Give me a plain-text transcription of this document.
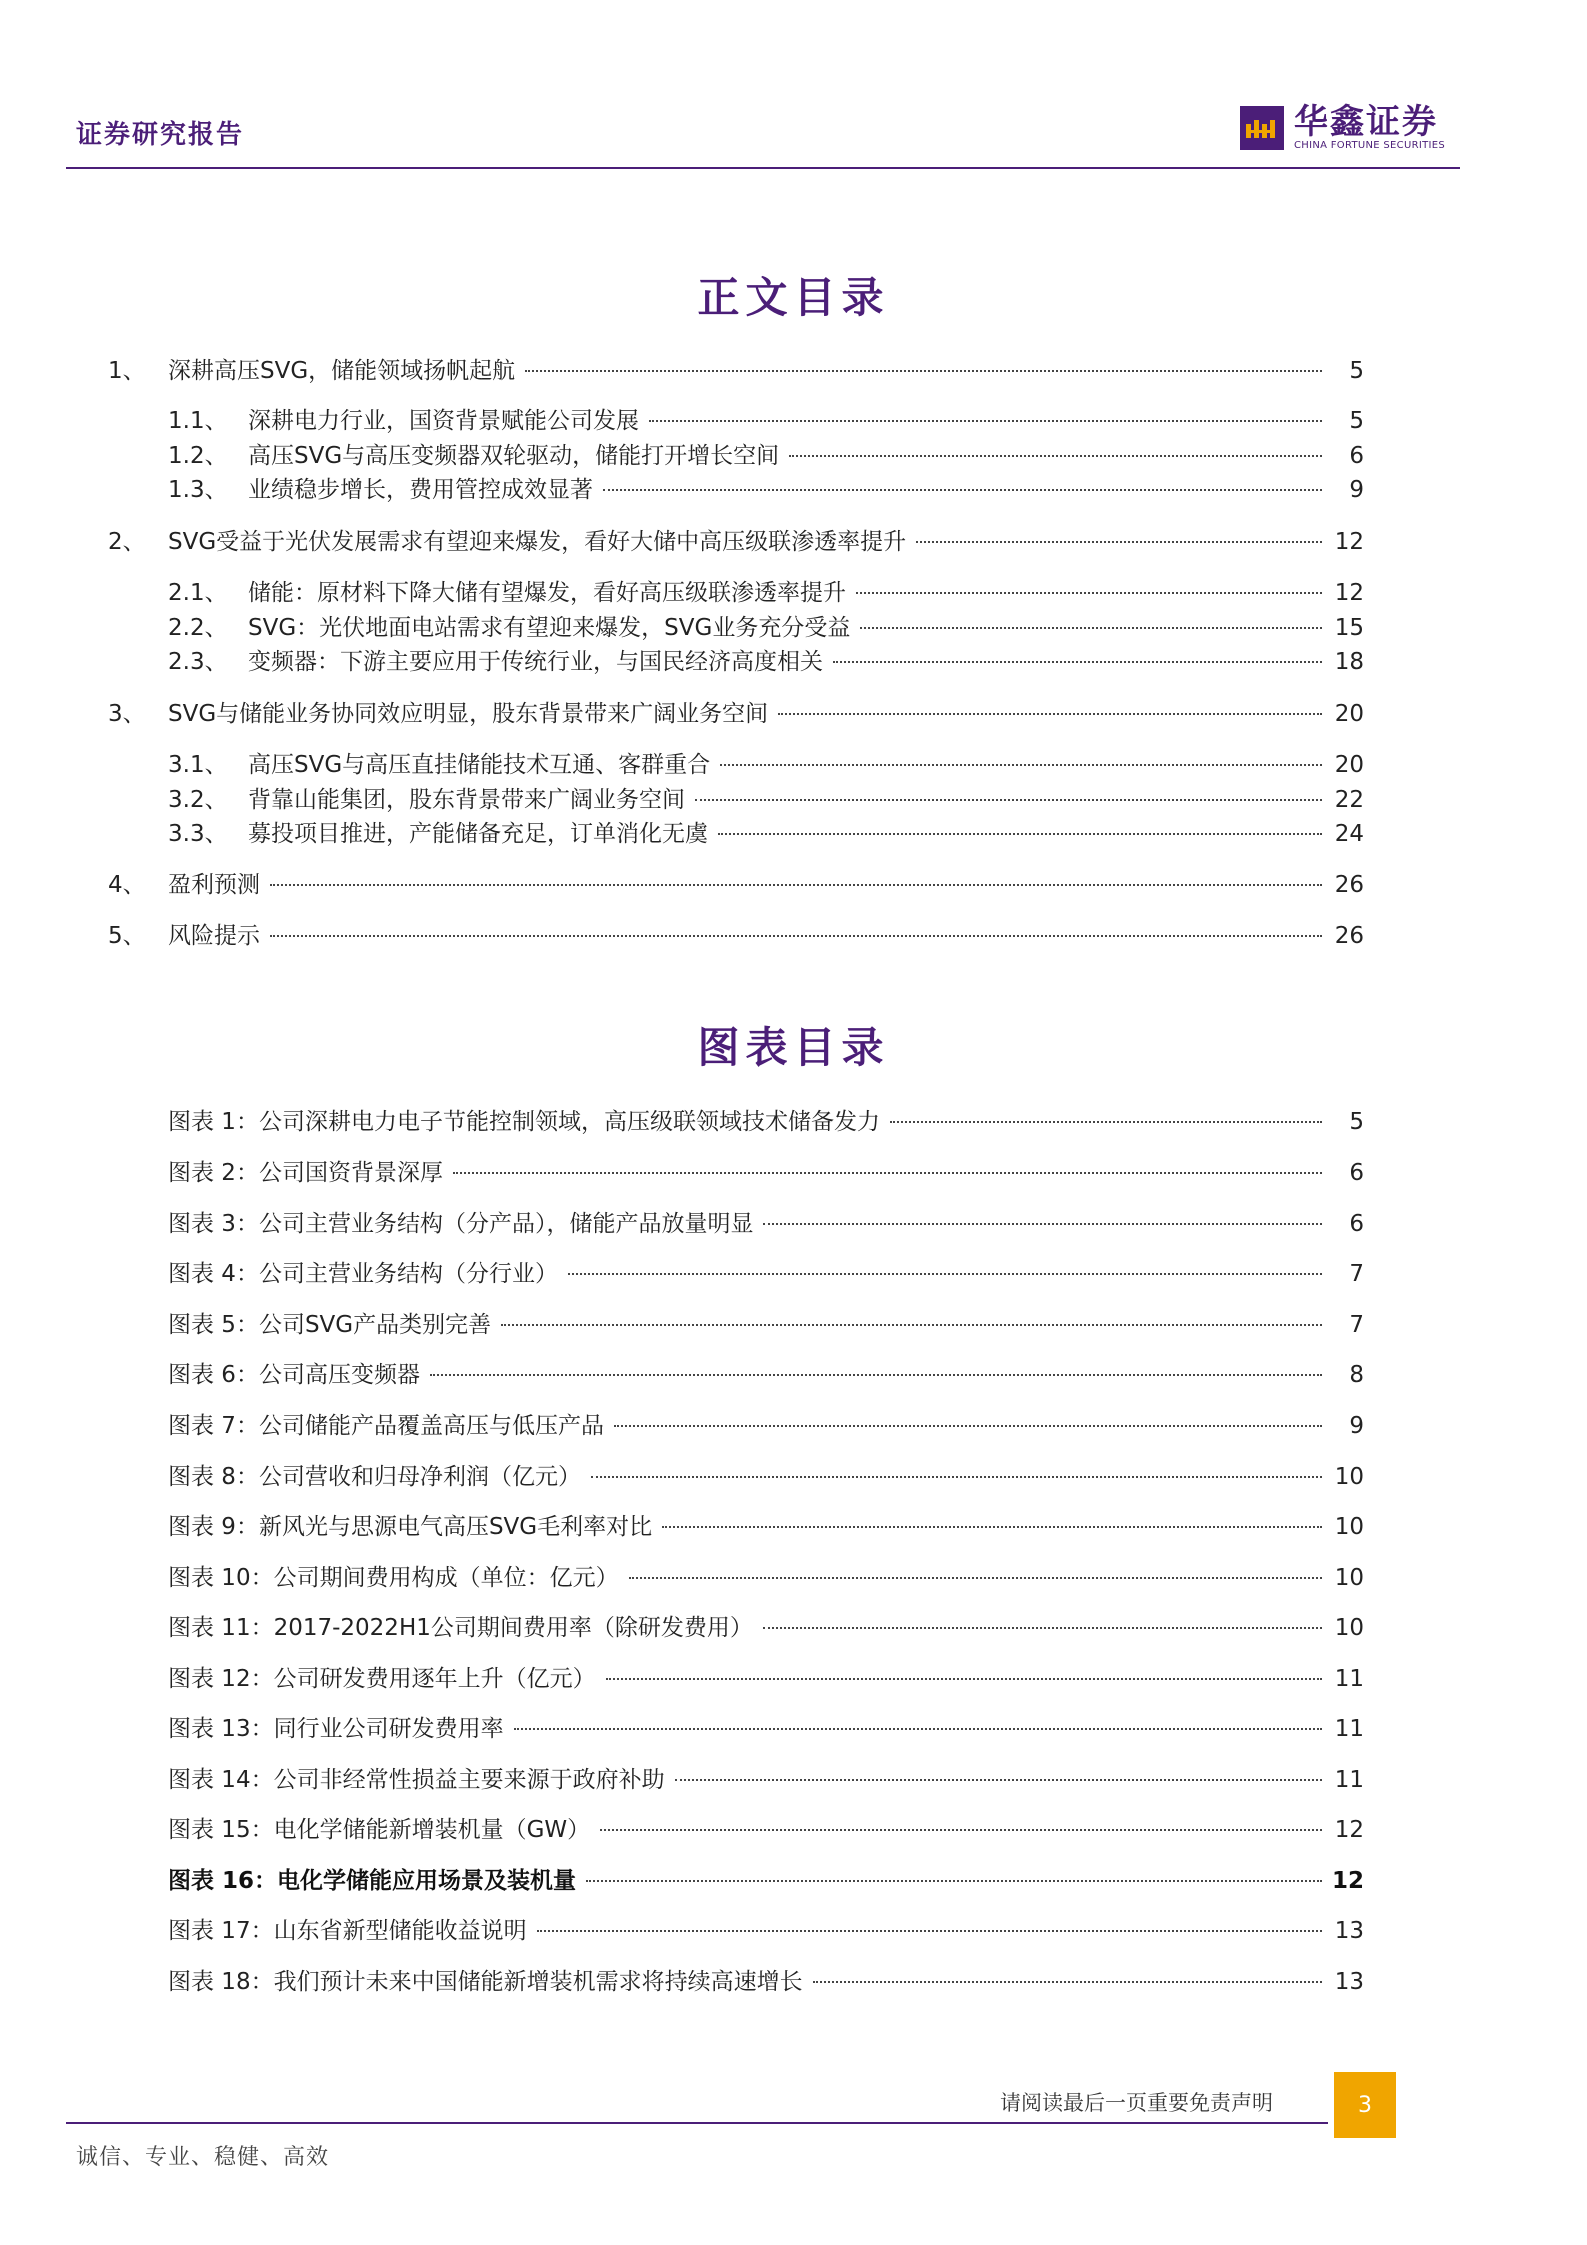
证券研究报告	华鑫证券
CHINA FORTUNE SECURITIES
正文目录
1、 深耕高压SVG，储能领域扬帆起航	5
1.1、 深耕电力行业，国资背景赋能公司发展	5
1.2、 高压SVG与高压变频器双轮驱动，储能打开增长空间	6
1.3、 业绩稳步增长，费用管控成效显著	9
2、 SVG受益于光伏发展需求有望迎来爆发，看好大储中高压级联渗透率提升	12
2.1、 储能：原材料下降大储有望爆发，看好高压级联渗透率提升	12
2.2、 SVG：光伏地面电站需求有望迎来爆发，SVG业务充分受益	15
2.3、 变频器：下游主要应用于传统行业，与国民经济高度相关	18
3、 SVG与储能业务协同效应明显，股东背景带来广阔业务空间	20
3.1、 高压SVG与高压直挂储能技术互通、客群重合	20
3.2、 背靠山能集团，股东背景带来广阔业务空间	22
3.3、 募投项目推进，产能储备充足，订单消化无虞	24
4、 盈利预测	26
5、 风险提示	26
图表目录
图表 1： 公司深耕电力电子节能控制领域，高压级联领域技术储备发力	5
图表 2： 公司国资背景深厚	6
图表 3： 公司主营业务结构（分产品），储能产品放量明显	6
图表 4： 公司主营业务结构（分行业）	7
图表 5： 公司SVG产品类别完善	7
图表 6： 公司高压变频器	8
图表 7： 公司储能产品覆盖高压与低压产品	9
图表 8： 公司营收和归母净利润（亿元）	10
图表 9： 新风光与思源电气高压SVG毛利率对比	10
图表 10： 公司期间费用构成（单位：亿元）	10
图表 11： 2017-2022H1公司期间费用率（除研发费用）	10
图表 12： 公司研发费用逐年上升（亿元）	11
图表 13： 同行业公司研发费用率	11
图表 14： 公司非经常性损益主要来源于政府补助	11
图表 15： 电化学储能新增装机量（GW）	12
图表 16： 电化学储能应用场景及装机量	12
图表 17： 山东省新型储能收益说明	13
图表 18： 我们预计未来中国储能新增装机需求将持续高速增长	13
请阅读最后一页重要免责声明	3
诚信、专业、稳健、高效
